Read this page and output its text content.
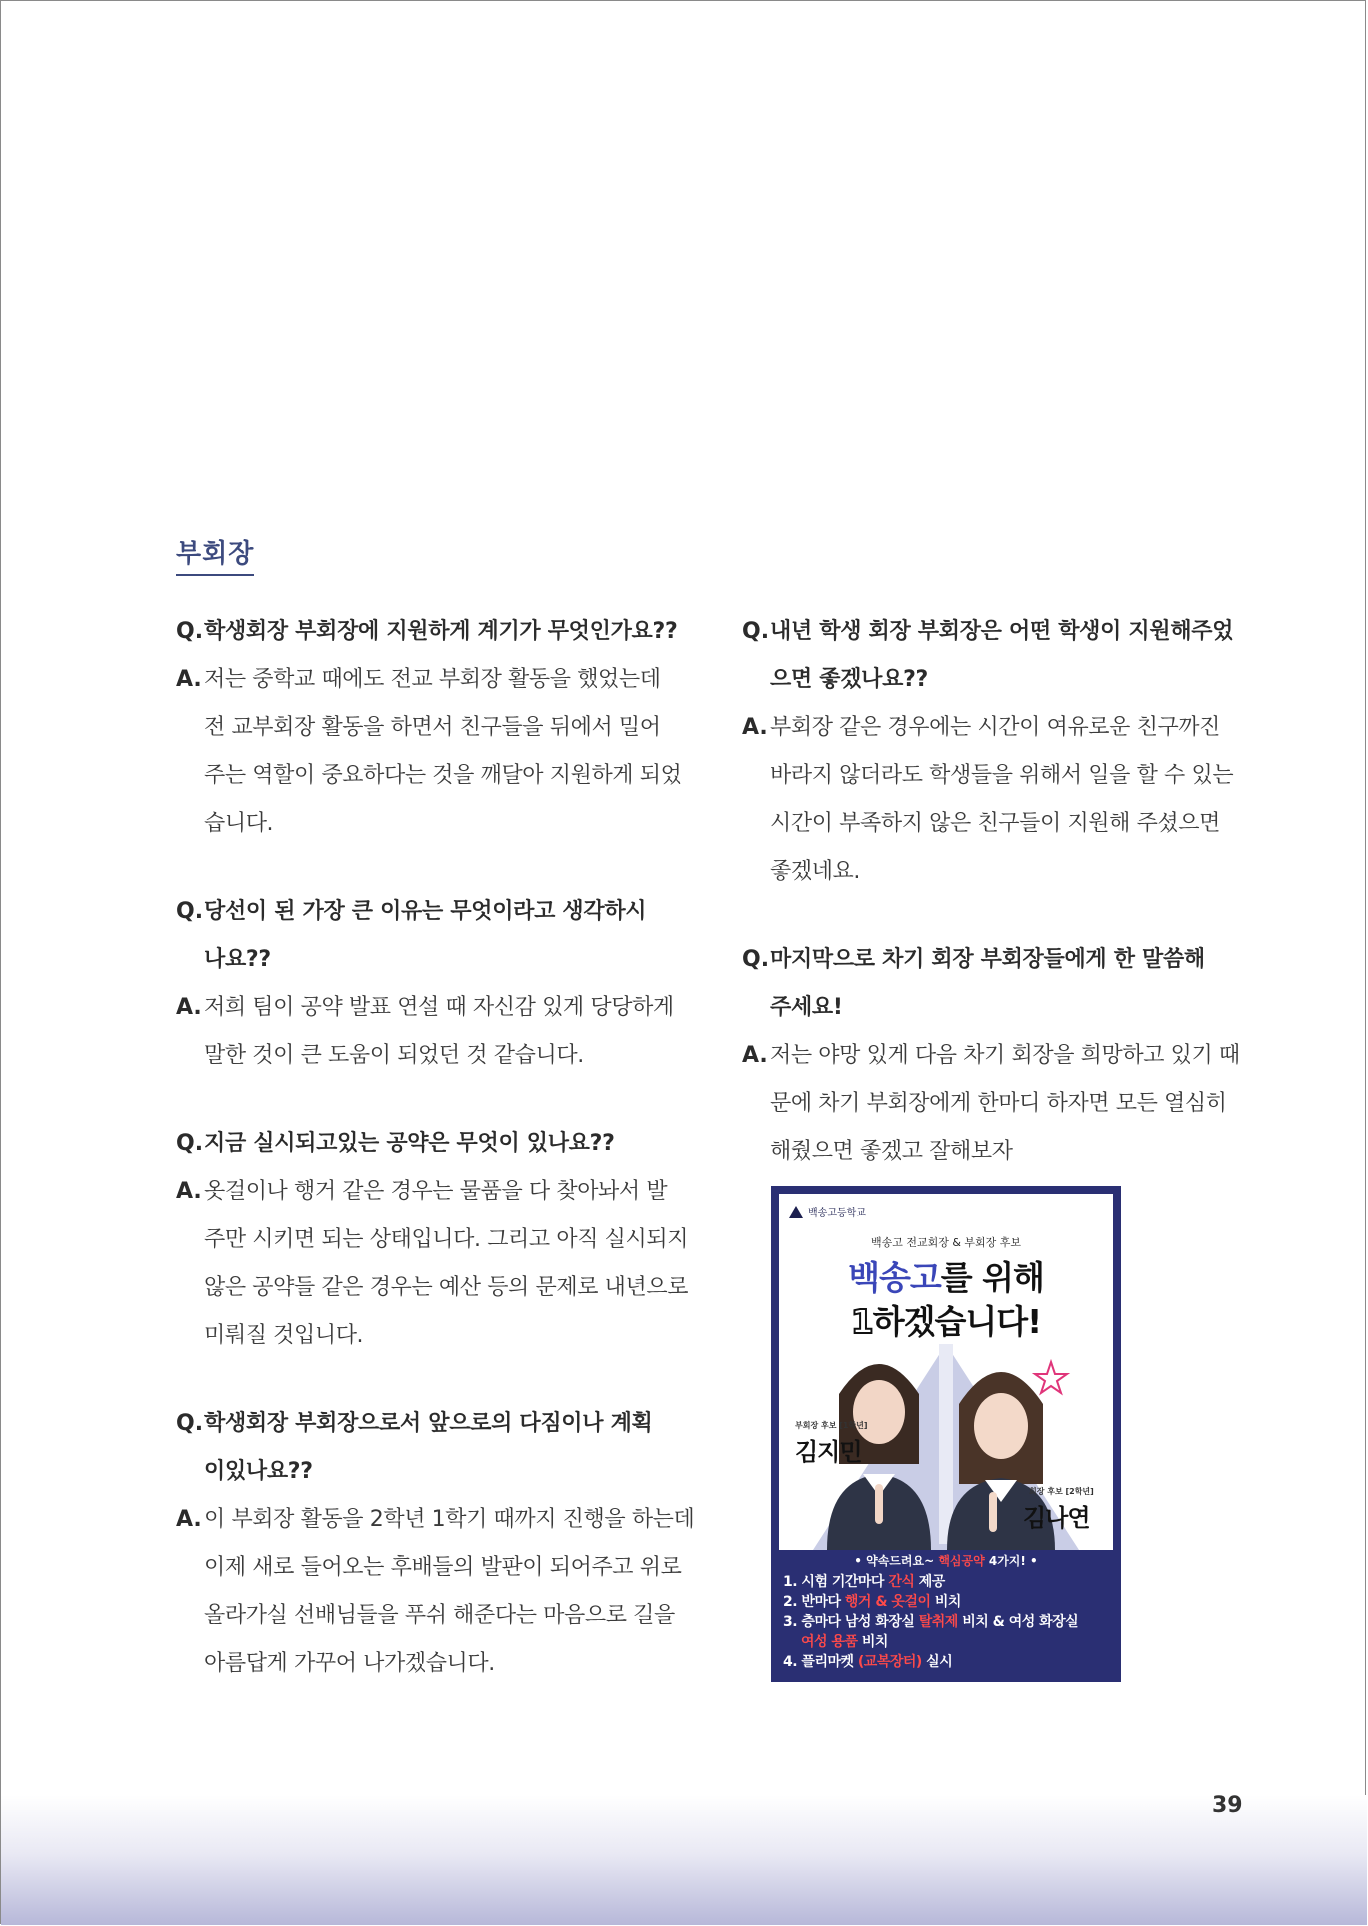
부회장
Q. 학생회장 부회장에 지원하게 계기가 무엇인가요??
A. 저는 중학교 때에도 전교 부회장 활동을 했었는데
전 교부회장 활동을 하면서 친구들을 뒤에서 밀어
주는 역할이 중요하다는 것을 깨달아 지원하게 되었
습니다.
Q. 당선이 된 가장 큰 이유는 무엇이라고 생각하시
나요??
A. 저희 팀이 공약 발표 연설 때 자신감 있게 당당하게
말한 것이 큰 도움이 되었던 것 같습니다.
Q. 지금 실시되고있는 공약은 무엇이 있나요??
A. 옷걸이나 행거 같은 경우는 물품을 다 찾아놔서 발
주만 시키면 되는 상태입니다. 그리고 아직 실시되지
않은 공약들 같은 경우는 예산 등의 문제로 내년으로
미뤄질 것입니다.
Q. 학생회장 부회장으로서 앞으로의 다짐이나 계획
이있나요??
A. 이 부회장 활동을 2학년 1학기 때까지 진행을 하는데
이제 새로 들어오는 후배들의 발판이 되어주고 위로
올라가실 선배님들을 푸쉬 해준다는 마음으로 길을
아름답게 가꾸어 나가겠습니다.
Q. 내년 학생 회장 부회장은 어떤 학생이 지원해주었
으면 좋겠나요??
A. 부회장 같은 경우에는 시간이 여유로운 친구까진
바라지 않더라도 학생들을 위해서 일을 할 수 있는
시간이 부족하지 않은 친구들이 지원해 주셨으면
좋겠네요.
Q. 마지막으로 차기 회장 부회장들에게 한 말씀해
주세요!
A. 저는 야망 있게 다음 차기 회장을 희망하고 있기 때
문에 차기 부회장에게 한마디 하자면 모든 열심히
해줬으면 좋겠고 잘해보자
백송고등학교
백송고 전교회장 & 부회장 후보
백송고를 위해
1하겠습니다!
부회장 후보 [1학년]
김지민
회장 후보 [2학년]
김나연
• 약속드려요~ 핵심공약 4가지! •
1. 시험 기간마다 간식 제공
2. 반마다 행거 & 옷걸이 비치
3. 층마다 남성 화장실 탈취제 비치 & 여성 화장실
여성 용품 비치
4. 플리마켓 (교복장터) 실시
39
